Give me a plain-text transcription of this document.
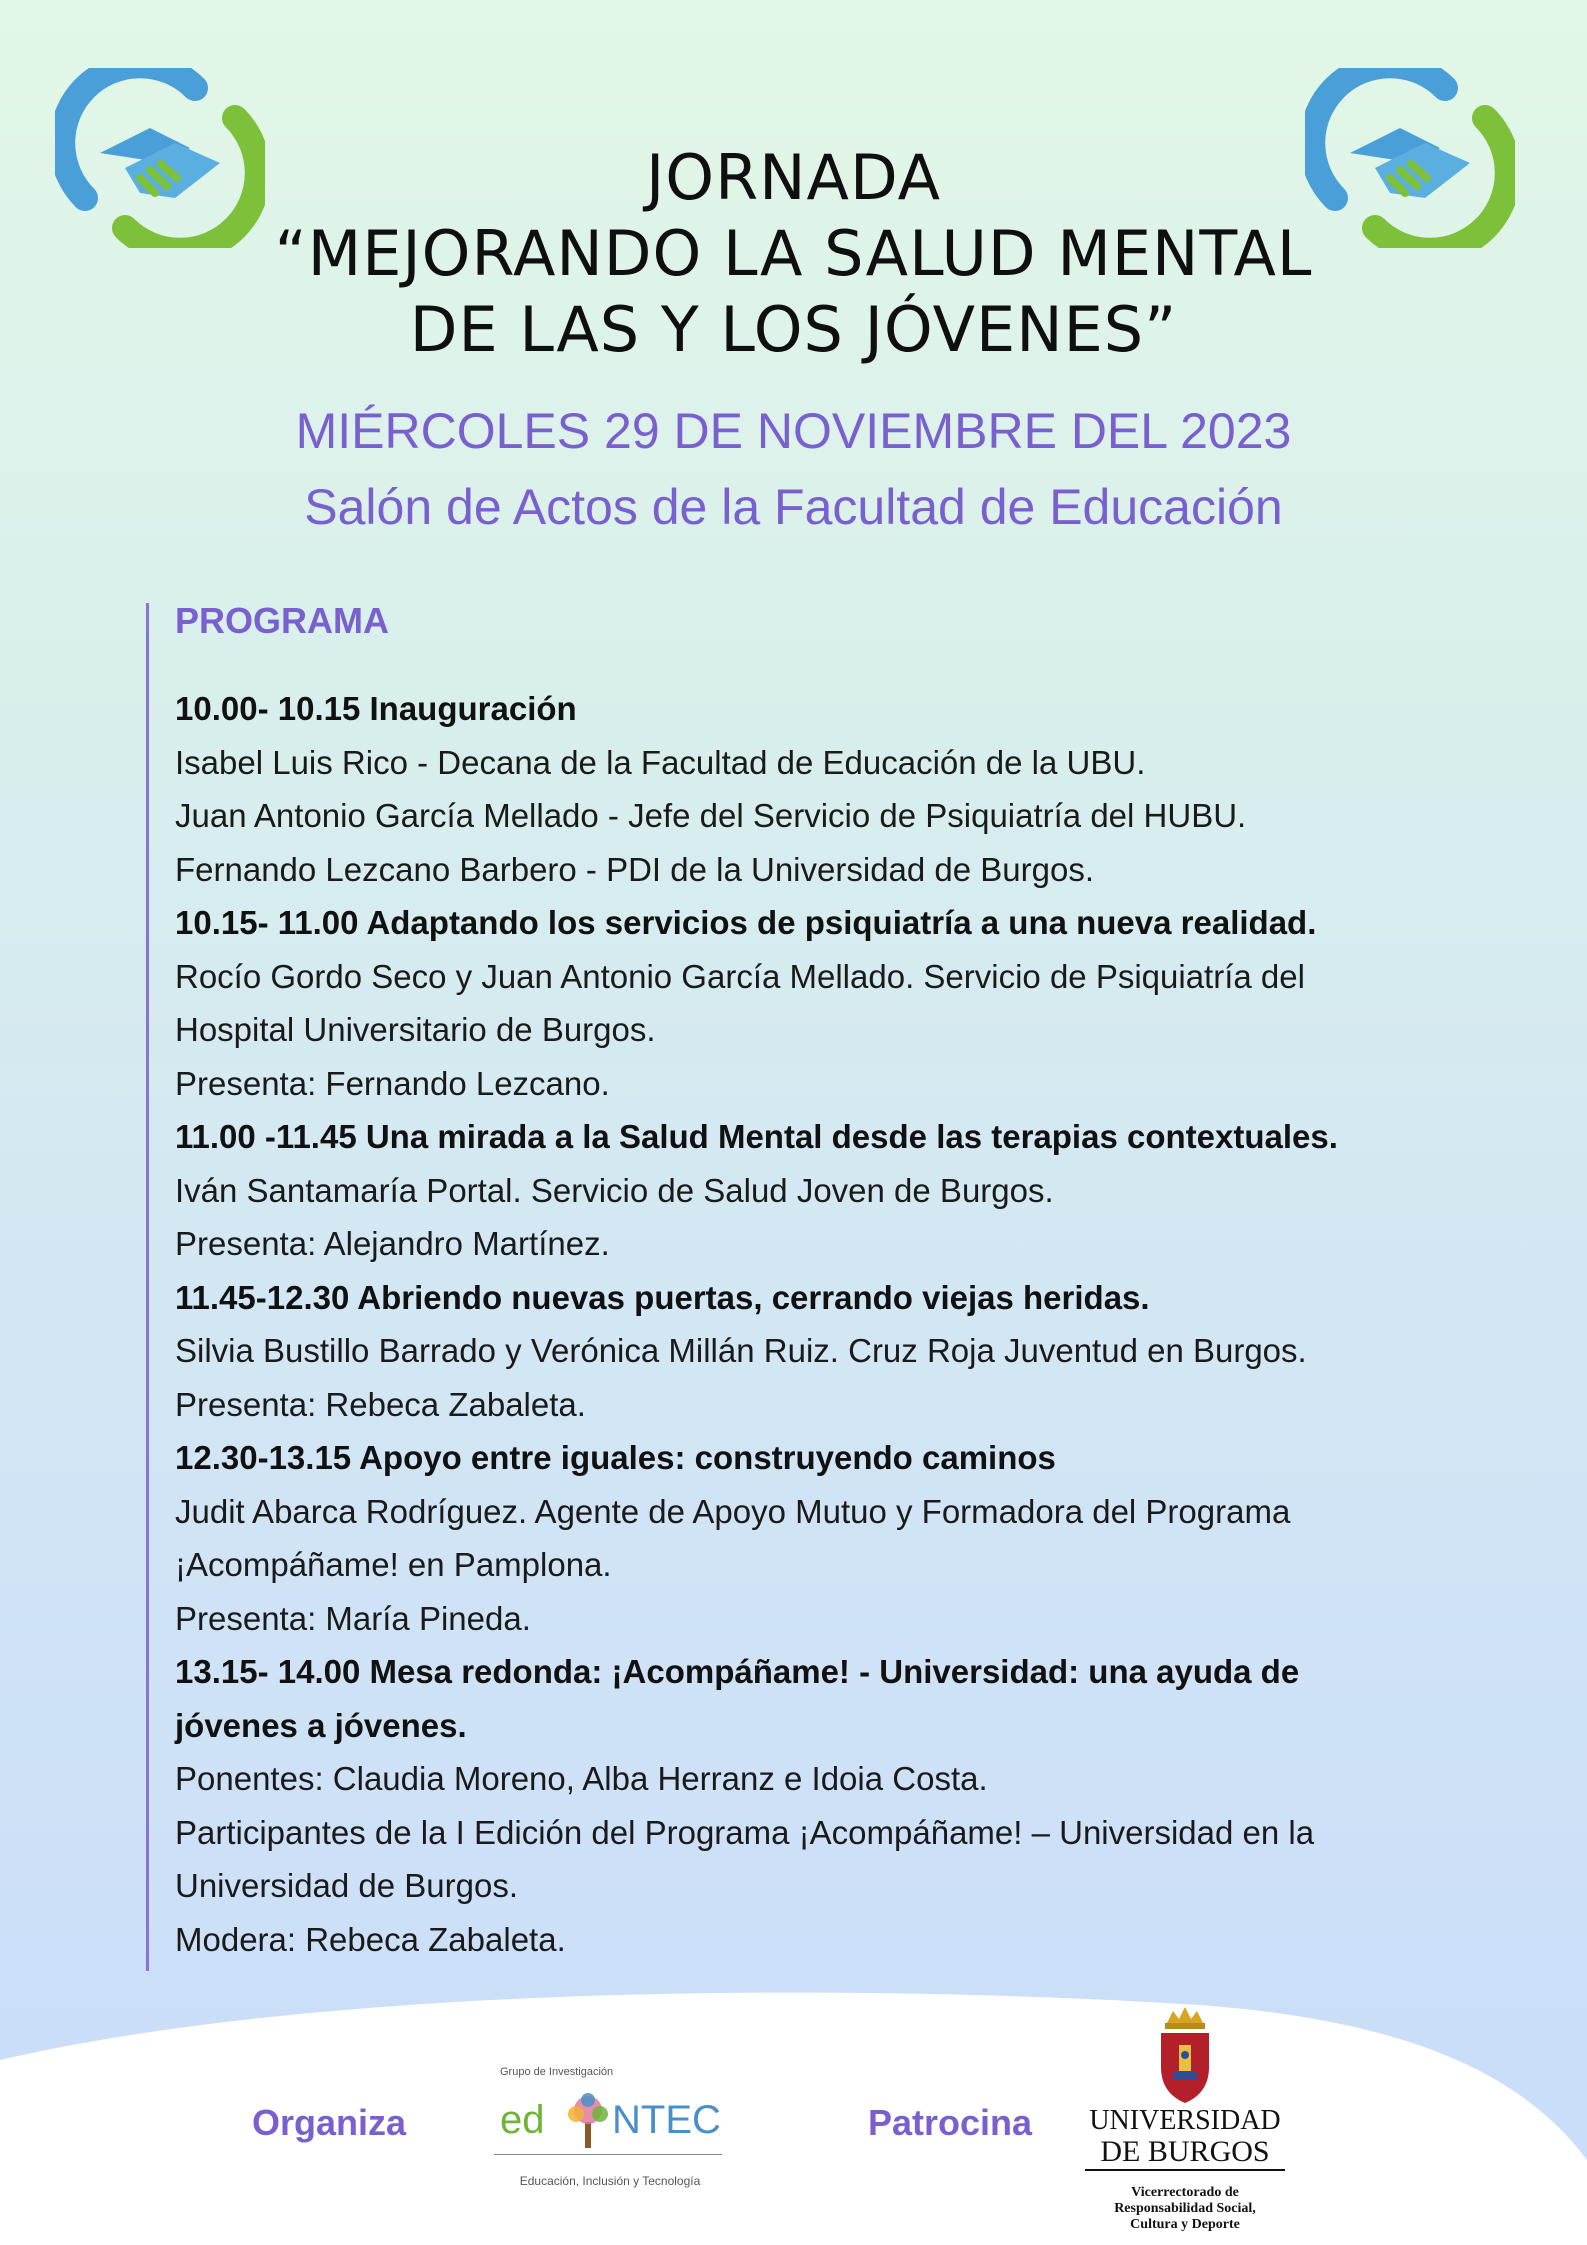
JORNADA
“MEJORANDO LA SALUD MENTAL
DE LAS Y LOS JÓVENES”
MIÉRCOLES 29 DE NOVIEMBRE DEL 2023
Salón de Actos de la Facultad de Educación
PROGRAMA
10.00- 10.15 Inauguración
Isabel Luis Rico - Decana de la Facultad de Educación de la UBU.
Juan Antonio García Mellado - Jefe del Servicio de Psiquiatría del HUBU.
Fernando Lezcano Barbero - PDI de la Universidad de Burgos.
10.15- 11.00 Adaptando los servicios de psiquiatría a una nueva realidad.
Rocío Gordo Seco y Juan Antonio García Mellado. Servicio de Psiquiatría del
Hospital Universitario de Burgos.
Presenta: Fernando Lezcano.
11.00 -11.45 Una mirada a la Salud Mental desde las terapias contextuales.
Iván Santamaría Portal. Servicio de Salud Joven de Burgos.
Presenta: Alejandro Martínez.
11.45-12.30 Abriendo nuevas puertas, cerrando viejas heridas.
Silvia Bustillo Barrado y Verónica Millán Ruiz. Cruz Roja Juventud en Burgos.
Presenta: Rebeca Zabaleta.
12.30-13.15 Apoyo entre iguales: construyendo caminos
Judit Abarca Rodríguez. Agente de Apoyo Mutuo y Formadora del Programa
¡Acompáñame! en Pamplona.
Presenta: María Pineda.
13.15- 14.00 Mesa redonda: ¡Acompáñame! - Universidad: una ayuda de
jóvenes a jóvenes.
Ponentes: Claudia Moreno, Alba Herranz e Idoia Costa.
Participantes de la I Edición del Programa ¡Acompáñame! – Universidad en la
Universidad de Burgos.
Modera: Rebeca Zabaleta.
Organiza
Grupo de Investigación
ed NTEC
Educación, Inclusión y Tecnología
Patrocina UNIVERSIDAD
DE BURGOS
Vicerrectorado de
Responsabilidad Social,
Cultura y Deporte
